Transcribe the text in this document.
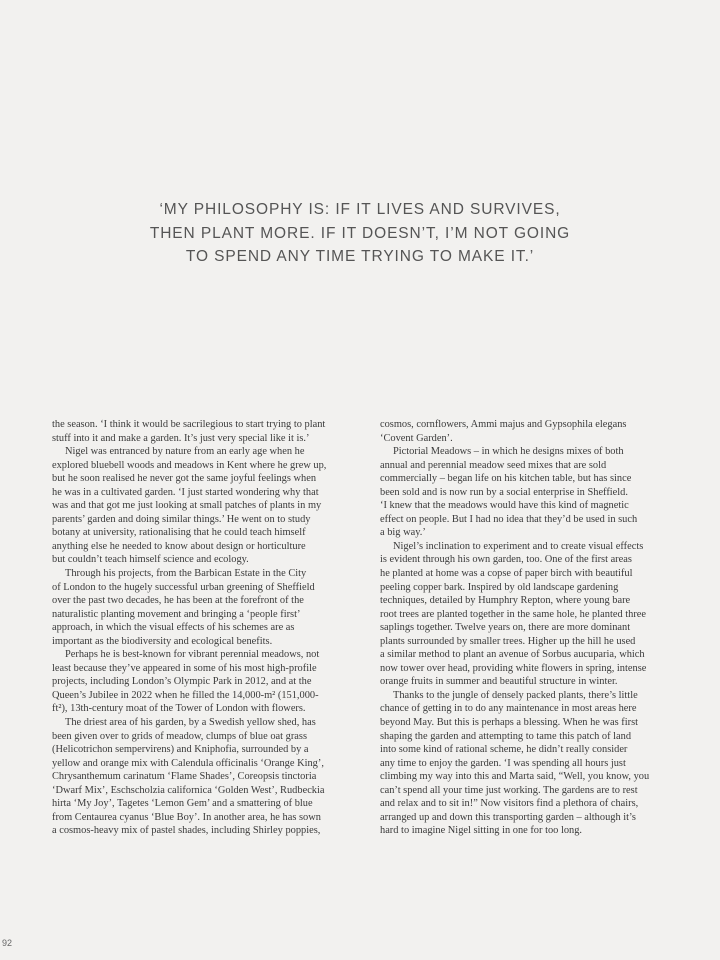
‘MY PHILOSOPHY IS: IF IT LIVES AND SURVIVES,
THEN PLANT MORE. IF IT DOESN’T, I’M NOT GOING
TO SPEND ANY TIME TRYING TO MAKE IT.’
the season. ‘I think it would be sacrilegious to start trying to plant
stuff into it and make a garden. It’s just very special like it is.’
Nigel was entranced by nature from an early age when he
explored bluebell woods and meadows in Kent where he grew up,
but he soon realised he never got the same joyful feelings when
he was in a cultivated garden. ‘I just started wondering why that
was and that got me just looking at small patches of plants in my
parents’ garden and doing similar things.’ He went on to study
botany at university, rationalising that he could teach himself
anything else he needed to know about design or horticulture
but couldn’t teach himself science and ecology.
Through his projects, from the Barbican Estate in the City
of London to the hugely successful urban greening of Sheffield
over the past two decades, he has been at the forefront of the
naturalistic planting movement and bringing a ‘people first’
approach, in which the visual effects of his schemes are as
important as the biodiversity and ecological benefits.
Perhaps he is best-known for vibrant perennial meadows, not
least because they’ve appeared in some of his most high-profile
projects, including London’s Olympic Park in 2012, and at the
Queen’s Jubilee in 2022 when he filled the 14,000-m² (151,000-
ft²), 13th-century moat of the Tower of London with flowers.
The driest area of his garden, by a Swedish yellow shed, has
been given over to grids of meadow, clumps of blue oat grass
(Helicotrichon sempervirens) and Kniphofia, surrounded by a
yellow and orange mix with Calendula officinalis ‘Orange King’,
Chrysanthemum carinatum ‘Flame Shades’, Coreopsis tinctoria
‘Dwarf Mix’, Eschscholzia californica ‘Golden West’, Rudbeckia
hirta ‘My Joy’, Tagetes ‘Lemon Gem’ and a smattering of blue
from Centaurea cyanus ‘Blue Boy’. In another area, he has sown
a cosmos-heavy mix of pastel shades, including Shirley poppies,
cosmos, cornflowers, Ammi majus and Gypsophila elegans
‘Covent Garden’.
Pictorial Meadows – in which he designs mixes of both
annual and perennial meadow seed mixes that are sold
commercially – began life on his kitchen table, but has since
been sold and is now run by a social enterprise in Sheffield.
‘I knew that the meadows would have this kind of magnetic
effect on people. But I had no idea that they’d be used in such
a big way.’
Nigel’s inclination to experiment and to create visual effects
is evident through his own garden, too. One of the first areas
he planted at home was a copse of paper birch with beautiful
peeling copper bark. Inspired by old landscape gardening
techniques, detailed by Humphry Repton, where young bare
root trees are planted together in the same hole, he planted three
saplings together. Twelve years on, there are more dominant
plants surrounded by smaller trees. Higher up the hill he used
a similar method to plant an avenue of Sorbus aucuparia, which
now tower over head, providing white flowers in spring, intense
orange fruits in summer and beautiful structure in winter.
Thanks to the jungle of densely packed plants, there’s little
chance of getting in to do any maintenance in most areas here
beyond May. But this is perhaps a blessing. When he was first
shaping the garden and attempting to tame this patch of land
into some kind of rational scheme, he didn’t really consider
any time to enjoy the garden. ‘I was spending all hours just
climbing my way into this and Marta said, “Well, you know, you
can’t spend all your time just working. The gardens are to rest
and relax and to sit in!” Now visitors find a plethora of chairs,
arranged up and down this transporting garden – although it’s
hard to imagine Nigel sitting in one for too long.
92
